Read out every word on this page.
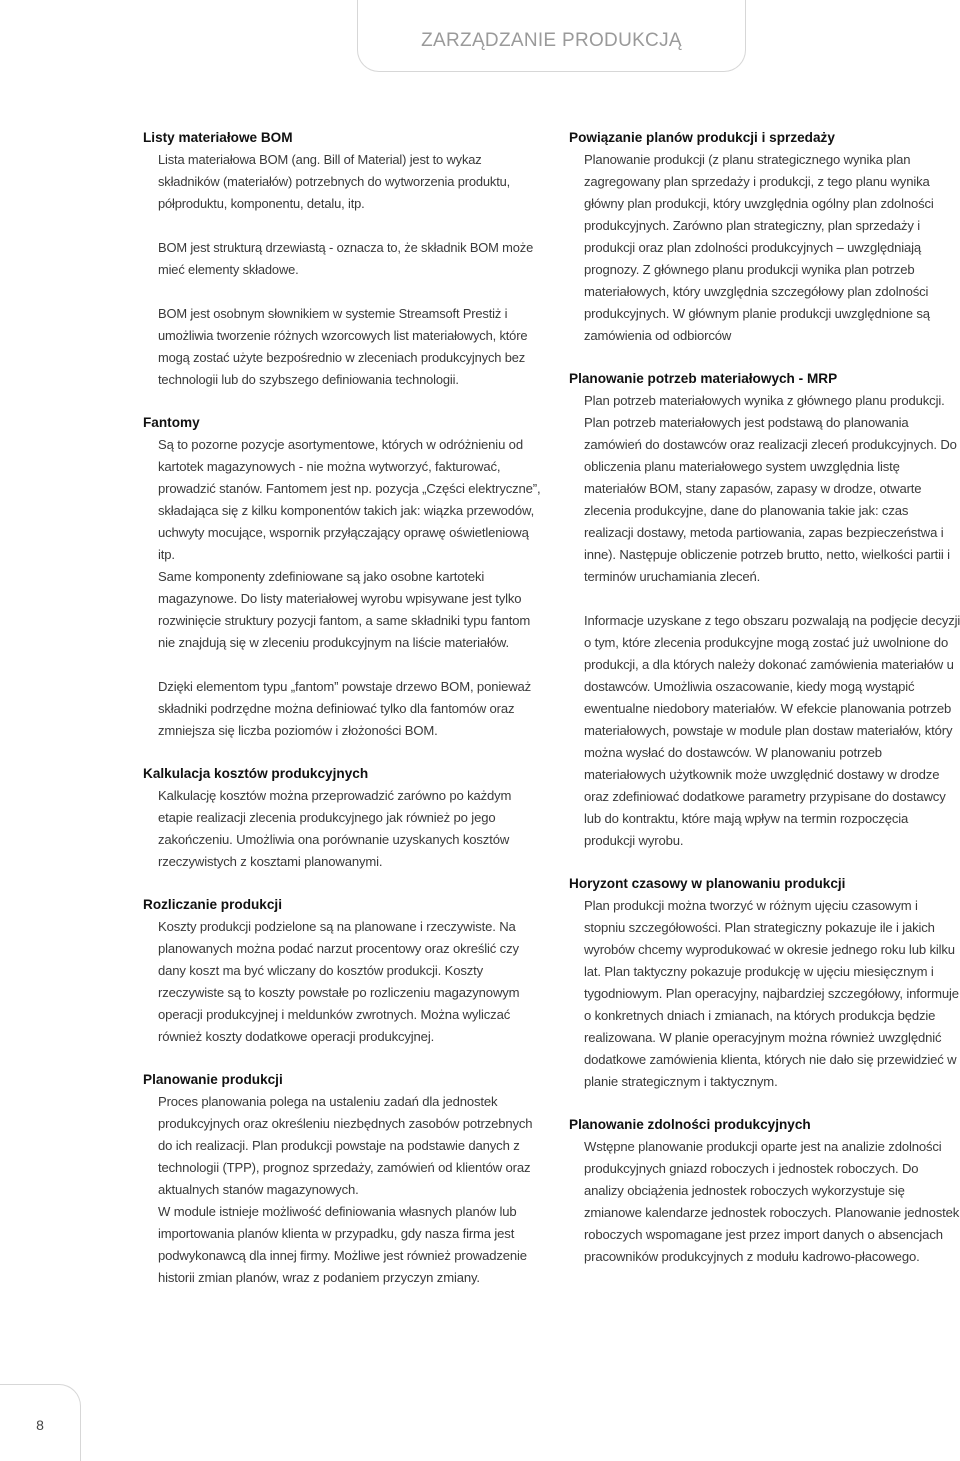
ZARZĄDZANIE PRODUKCJĄ
Listy materiałowe BOM

Lista materiałowa BOM (ang. Bill of Material) jest to wykaz składników (materiałów) potrzebnych do wytworzenia produktu, półproduktu, komponentu, detalu, itp.

BOM jest strukturą drzewiastą - oznacza to, że składnik BOM może mieć elementy składowe.

BOM jest osobnym słownikiem w systemie Streamsoft Prestiż i umożliwia tworzenie różnych wzorcowych list materiałowych, które mogą zostać użyte bezpośrednio w zleceniach produkcyjnych bez technologii lub do szybszego definiowania technologii.

Fantomy

Są to pozorne pozycje asortymentowe, których w odróżnieniu od kartotek magazynowych - nie można wytworzyć, fakturować, prowadzić stanów. Fantomem jest np. pozycja „Części elektryczne”, składająca się z kilku komponentów takich jak: wiązka przewodów, uchwyty mocujące, wspornik przyłączający oprawę oświetleniową itp.

Same komponenty zdefiniowane są jako osobne kartoteki magazynowe. Do listy materiałowej wyrobu wpisywane jest tylko rozwinięcie struktury pozycji fantom, a same składniki typu fantom nie znajdują się w zleceniu produkcyjnym na liście materiałów.

Dzięki elementom typu „fantom” powstaje drzewo BOM, ponieważ składniki podrzędne można definiować tylko dla fantomów oraz zmniejsza się liczba poziomów i złożoności BOM.

Kalkulacja kosztów produkcyjnych

Kalkulację kosztów można przeprowadzić zarówno po każdym etapie realizacji zlecenia produkcyjnego jak również po jego zakończeniu. Umożliwia ona porównanie uzyskanych kosztów rzeczywistych z kosztami planowanymi.

Rozliczanie produkcji

Koszty produkcji podzielone są na planowane i rzeczywiste. Na planowanych można podać narzut procentowy oraz określić czy dany koszt ma być wliczany do kosztów produkcji. Koszty rzeczywiste są to koszty powstałe po rozliczeniu magazynowym operacji produkcyjnej i meldunków zwrotnych. Można wyliczać również koszty dodatkowe operacji produkcyjnej.

Planowanie produkcji

Proces planowania polega na ustaleniu zadań dla jednostek produkcyjnych oraz określeniu niezbędnych zasobów potrzebnych do ich realizacji. Plan produkcji powstaje na podstawie danych z technologii (TPP), prognoz sprzedaży, zamówień od klientów oraz aktualnych stanów magazynowych.

W module istnieje możliwość definiowania własnych planów lub importowania planów klienta w przypadku, gdy nasza firma jest podwykonawcą dla innej firmy. Możliwe jest również prowadzenie historii zmian planów, wraz z podaniem przyczyn zmiany.

Powiązanie planów produkcji i sprzedaży

Planowanie produkcji (z planu strategicznego wynika plan zagregowany plan sprzedaży i produkcji, z tego planu wynika główny plan produkcji, który uwzględnia ogólny plan zdolności produkcyjnych. Zarówno plan strategiczny, plan sprzedaży i produkcji oraz plan zdolności produkcyjnych – uwzględniają prognozy. Z głównego planu produkcji wynika plan potrzeb materiałowych, który uwzględnia szczegółowy plan zdolności produkcyjnych. W głównym planie produkcji uwzględnione są zamówienia od odbiorców

Planowanie potrzeb materiałowych - MRP

Plan potrzeb materiałowych wynika z głównego planu produkcji. Plan potrzeb materiałowych jest podstawą do planowania zamówień do dostawców oraz realizacji zleceń produkcyjnych. Do obliczenia planu materiałowego system uwzględnia listę materiałów BOM, stany zapasów, zapasy w drodze, otwarte zlecenia produkcyjne, dane do planowania takie jak: czas realizacji dostawy, metoda partiowania, zapas bezpieczeństwa i inne). Następuje obliczenie potrzeb brutto, netto, wielkości partii i terminów uruchamiania zleceń.

Informacje uzyskane z tego obszaru pozwalają na podjęcie decyzji o tym, które zlecenia produkcyjne mogą zostać już uwolnione do produkcji, a dla których należy dokonać zamówienia materiałów u dostawców. Umożliwia oszacowanie, kiedy mogą wystąpić ewentualne niedobory materiałów. W efekcie planowania potrzeb materiałowych, powstaje w module plan dostaw materiałów, który można wysłać do dostawców. W planowaniu potrzeb materiałowych użytkownik może uwzględnić dostawy w drodze oraz zdefiniować dodatkowe parametry przypisane do dostawcy lub do kontraktu, które mają wpływ na termin rozpoczęcia produkcji wyrobu.

Horyzont czasowy w planowaniu produkcji

Plan produkcji można tworzyć w różnym ujęciu czasowym i stopniu szczegółowości. Plan strategiczny pokazuje ile i jakich wyrobów chcemy wyprodukować w okresie jednego roku lub kilku lat. Plan taktyczny pokazuje produkcję w ujęciu miesięcznym i tygodniowym. Plan operacyjny, najbardziej szczegółowy, informuje o konkretnych dniach i zmianach, na których produkcja będzie realizowana. W planie operacyjnym można również uwzględnić dodatkowe zamówienia klienta, których nie dało się przewidzieć w planie strategicznym i taktycznym.

Planowanie zdolności produkcyjnych

Wstępne planowanie produkcji oparte jest na analizie zdolności produkcyjnych gniazd roboczych i jednostek roboczych. Do analizy obciążenia jednostek roboczych wykorzystuje się zmianowe kalendarze jednostek roboczych. Planowanie jednostek roboczych wspomagane jest przez import danych o absencjach pracowników produkcyjnych z modułu kadrowo-płacowego.

8
